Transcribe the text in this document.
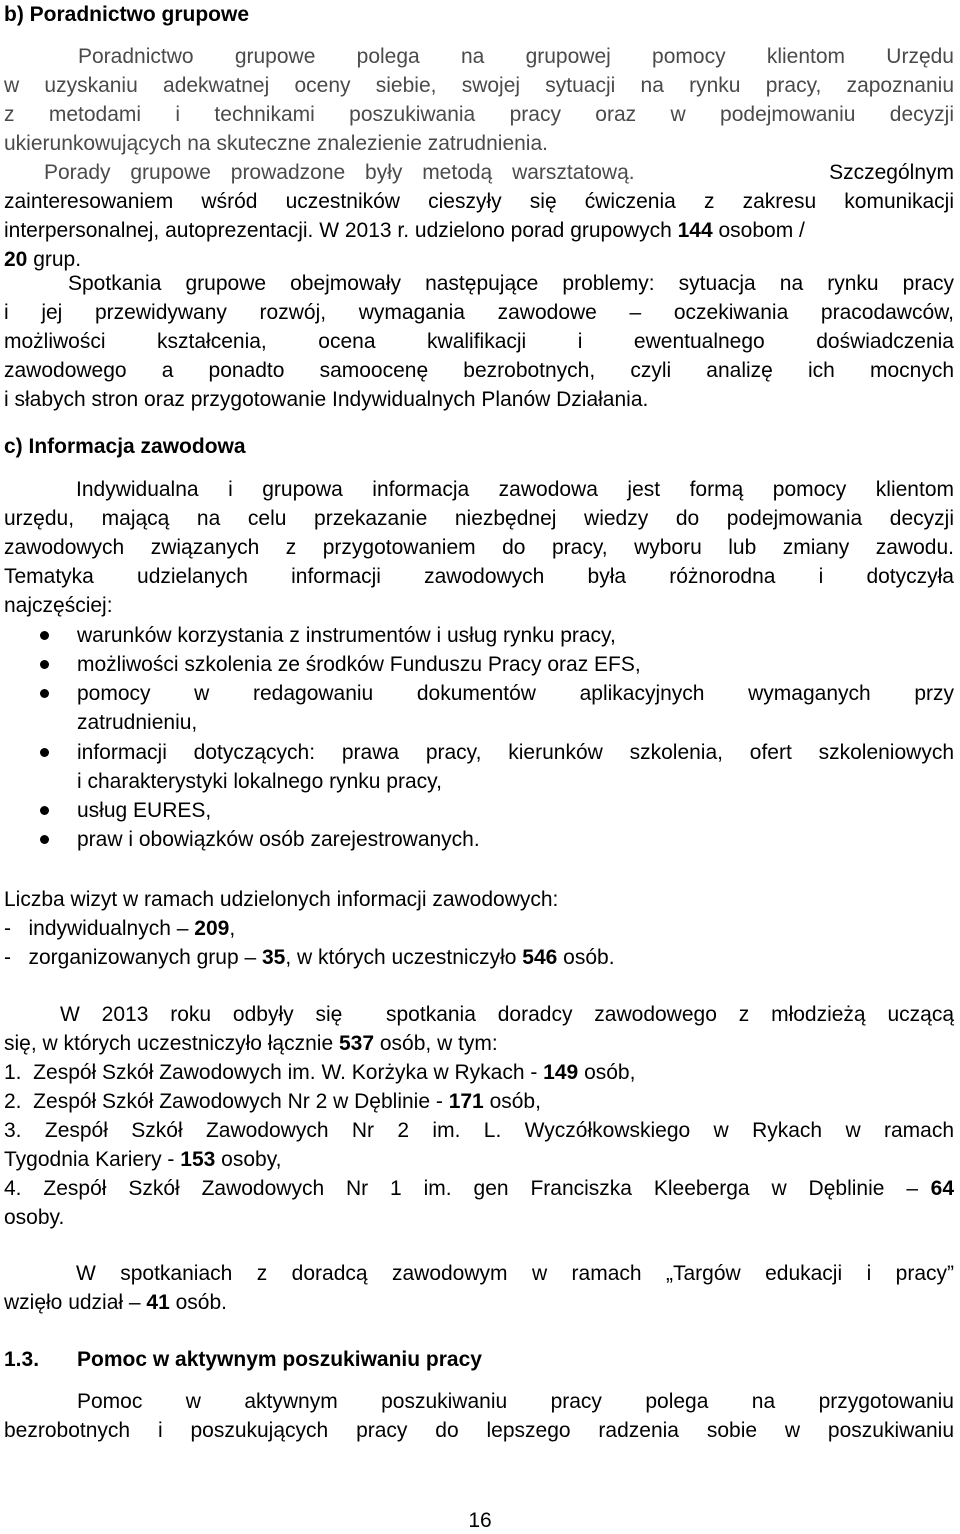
b) Poradnictwo grupowe
Poradnictwo grupowe polega na grupowej pomocy klientom Urzędu
w uzyskaniu adekwatnej oceny siebie, swojej sytuacji na rynku pracy, zapoznaniu
z metodami i technikami poszukiwania pracy oraz w podejmowaniu decyzji
ukierunkowujących na skuteczne znalezienie zatrudnienia.
Porady grupowe prowadzone były metodą warsztatową.	Szczególnym
zainteresowaniem wśród uczestników cieszyły się ćwiczenia z zakresu komunikacji
interpersonalnej, autoprezentacji. W 2013 r. udzielono porad grupowych 144 osobom /
20 grup.
Spotkania grupowe obejmowały następujące problemy: sytuacja na rynku pracy
i jej przewidywany rozwój, wymagania zawodowe – oczekiwania pracodawców,
możliwości kształcenia, ocena kwalifikacji i ewentualnego doświadczenia
zawodowego a ponadto samoocenę bezrobotnych, czyli analizę ich mocnych
i słabych stron oraz przygotowanie Indywidualnych Planów Działania.
c) Informacja zawodowa
Indywidualna i grupowa informacja zawodowa jest formą pomocy klientom
urzędu, mającą na celu przekazanie niezbędnej wiedzy do podejmowania decyzji
zawodowych związanych z przygotowaniem do pracy, wyboru lub zmiany zawodu.
Tematyka udzielanych informacji zawodowych była różnorodna i dotyczyła
najczęściej:
warunków korzystania z instrumentów i usług rynku pracy,
możliwości szkolenia ze środków Funduszu Pracy oraz EFS,
pomocy w redagowaniu dokumentów aplikacyjnych wymaganych przy
zatrudnieniu,
informacji dotyczących: prawa pracy, kierunków szkolenia, ofert szkoleniowych
i charakterystyki lokalnego rynku pracy,
usług EURES,
praw i obowiązków osób zarejestrowanych.
Liczba wizyt w ramach udzielonych informacji zawodowych:
-   indywidualnych – 209,
-   zorganizowanych grup – 35, w których uczestniczyło 546 osób.
W 2013 roku odbyły się  spotkania doradcy zawodowego z młodzieżą uczącą
się, w których uczestniczyło łącznie 537 osób, w tym:
1.  Zespół Szkół Zawodowych im. W. Korżyka w Rykach - 149 osób,
2.  Zespół Szkół Zawodowych Nr 2 w Dęblinie - 171 osób,
3. Zespół Szkół Zawodowych Nr 2 im. L. Wyczółkowskiego w Rykach w ramach
Tygodnia Kariery - 153 osoby,
4. Zespół Szkół Zawodowych Nr 1 im. gen Franciszka Kleeberga w Dęblinie – 64
osoby.
W spotkaniach z doradcą zawodowym w ramach „Targów edukacji i pracy”
wzięło udział – 41 osób.
1.3.	Pomoc w aktywnym poszukiwaniu pracy
Pomoc w aktywnym poszukiwaniu pracy polega na przygotowaniu
bezrobotnych i poszukujących pracy do lepszego radzenia sobie w poszukiwaniu
16
